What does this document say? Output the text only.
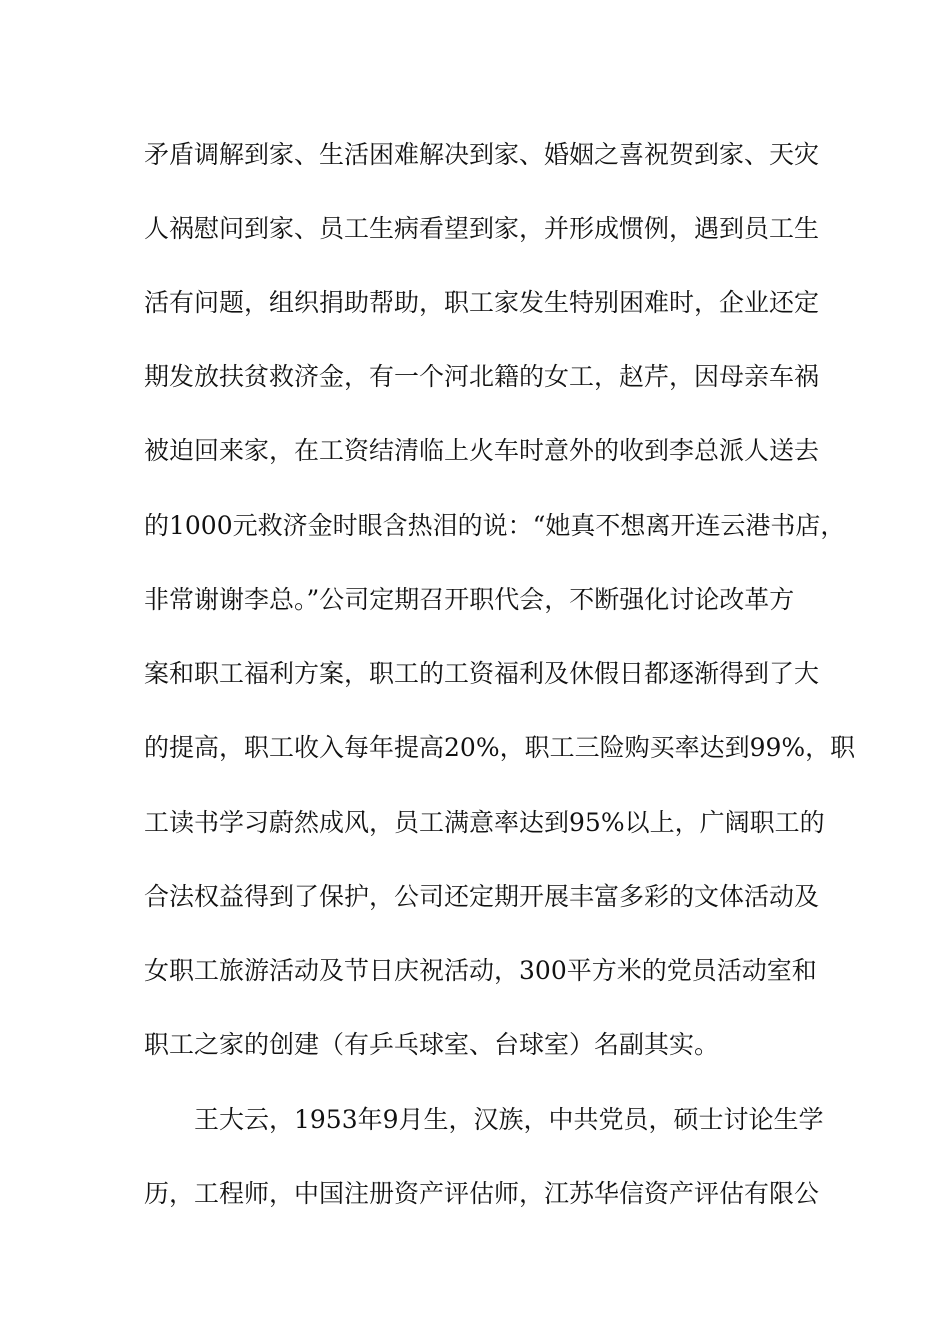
矛盾调解到家、生活困难解决到家、婚姻之喜祝贺到家、天灾
人祸慰问到家、员工生病看望到家，并形成惯例，遇到员工生
活有问题，组织捐助帮助，职工家发生特别困难时，企业还定
期发放扶贫救济金，有一个河北籍的女工，赵芹，因母亲车祸
被迫回来家，在工资结清临上火车时意外的收到李总派人送去
的1000元救济金时眼含热泪的说：“她真不想离开连云港书店，
非常谢谢李总。”公司定期召开职代会，不断强化讨论改革方
案和职工福利方案，职工的工资福利及休假日都逐渐得到了大
的提高，职工收入每年提高20%，职工三险购买率达到99%，职
工读书学习蔚然成风，员工满意率达到95%以上，广阔职工的
合法权益得到了保护，公司还定期开展丰富多彩的文体活动及
女职工旅游活动及节日庆祝活动，300平方米的党员活动室和
职工之家的创建（有乒乓球室、台球室）名副其实。
王大云，1953年9月生，汉族，中共党员，硕士讨论生学
历，工程师，中国注册资产评估师，江苏华信资产评估有限公
